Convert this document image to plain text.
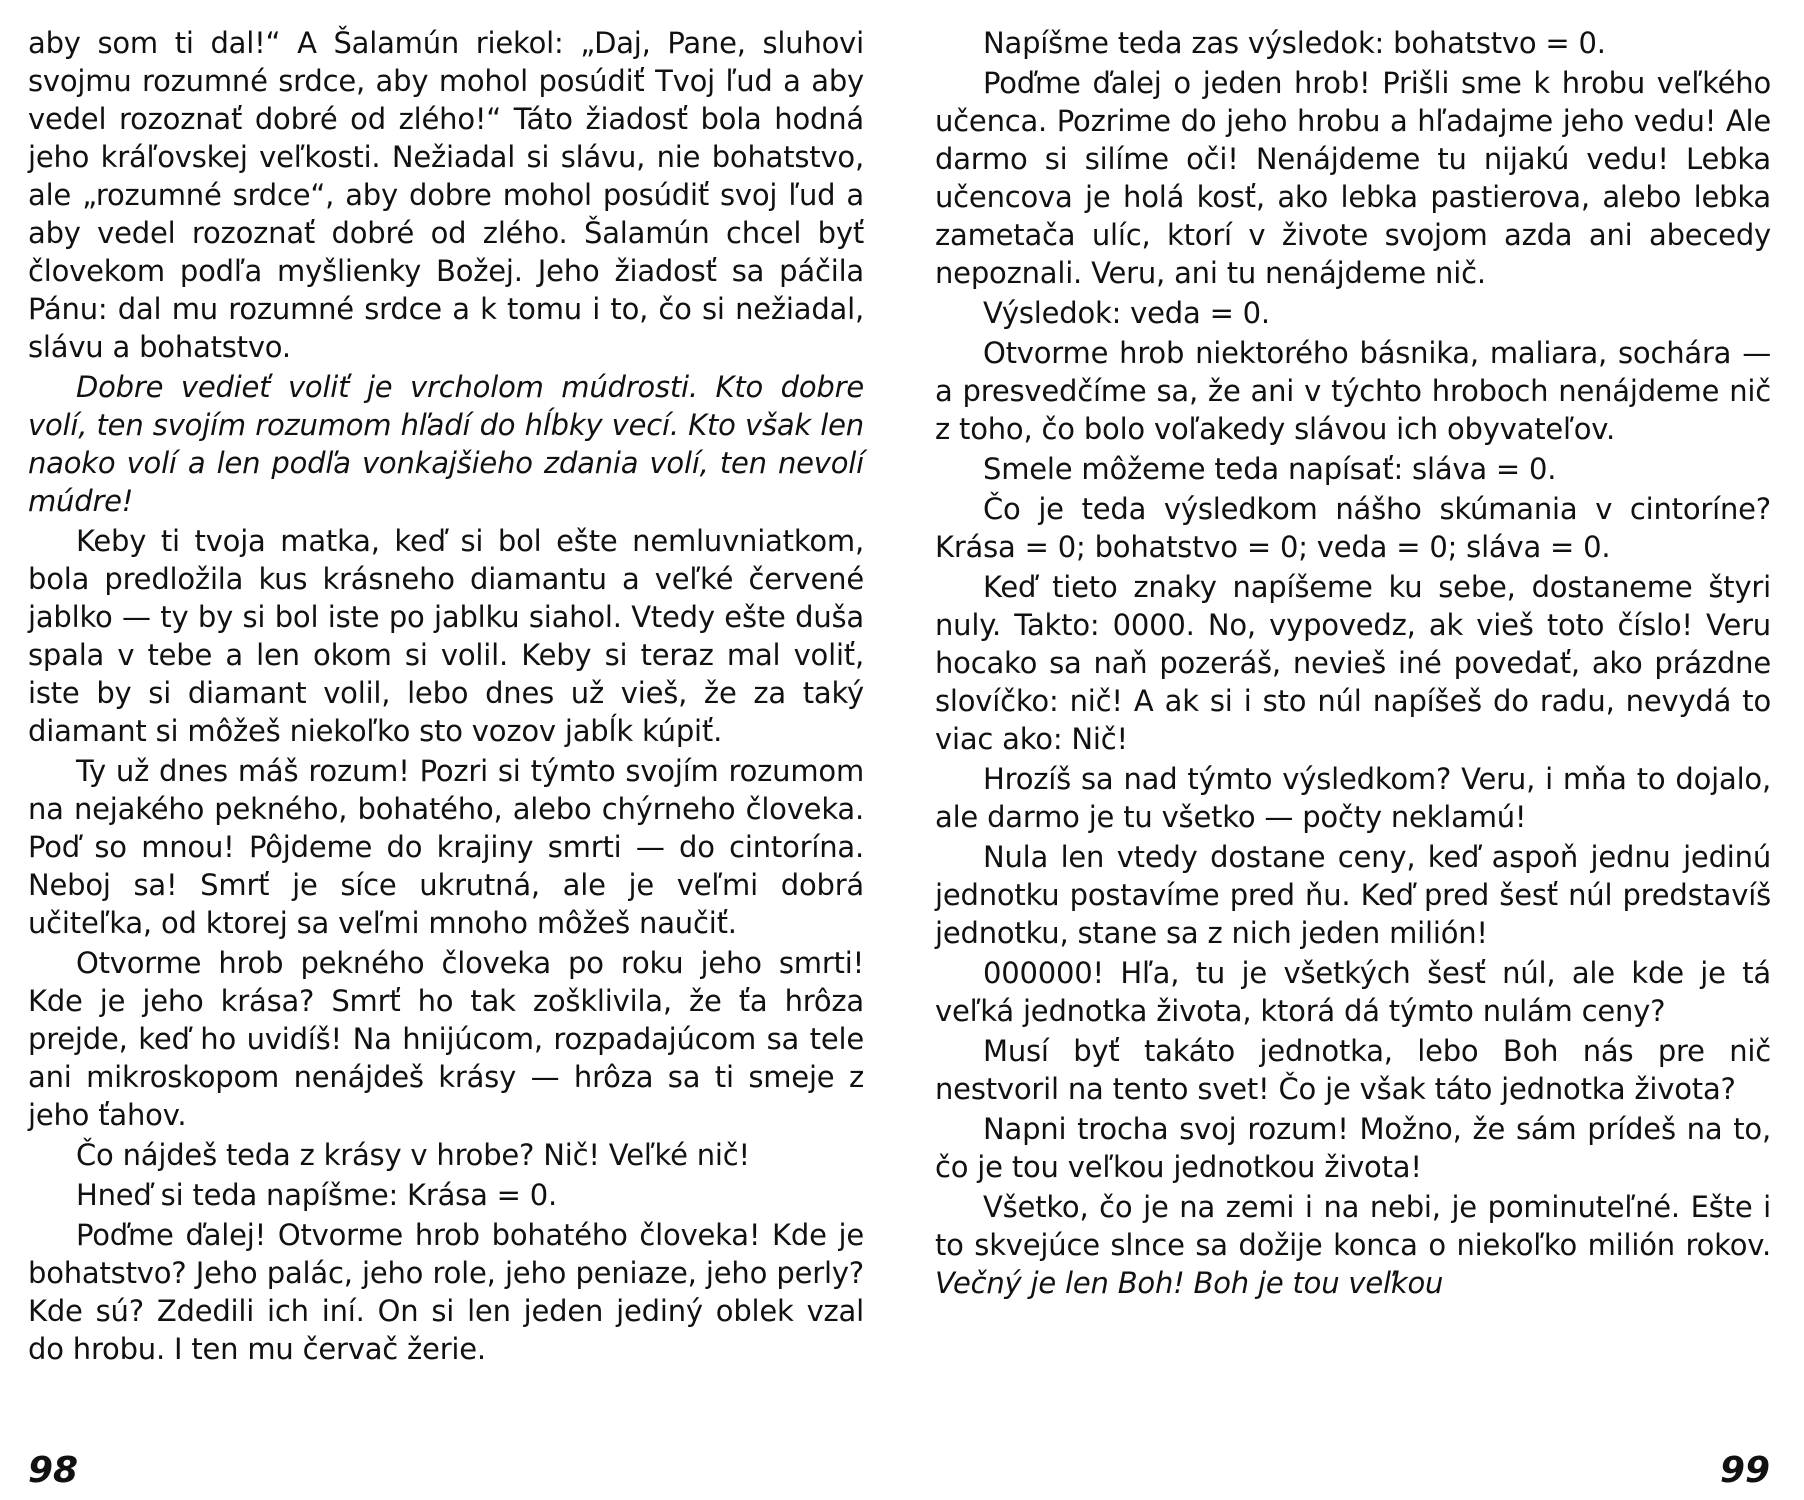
aby som ti dal!“ A Šalamún riekol: „Daj, Pane, sluhovi svojmu rozumné srdce, aby mohol posúdiť Tvoj ľud a aby vedel rozoznať dobré od zlého!“ Táto žiadosť bola hodná jeho kráľovskej veľkosti. Nežiadal si slávu, nie bohatstvo, ale „rozumné srdce“, aby dobre mohol posúdiť svoj ľud a aby vedel rozoznať dobré od zlého. Šalamún chcel byť človekom podľa myšlienky Božej. Jeho žiadosť sa páčila Pánu: dal mu rozumné srdce a k tomu i to, čo si nežiadal, slávu a bohatstvo.

Dobre vedieť voliť je vrcholom múdrosti. Kto dobre volí, ten svojím rozumom hľadí do hĺbky vecí. Kto však len naoko volí a len podľa vonkajšieho zdania volí, ten nevolí múdre!

Keby ti tvoja matka, keď si bol ešte nemluvniatkom, bola predložila kus krásneho diamantu a veľké červené jablko — ty by si bol iste po jablku siahol. Vtedy ešte duša spala v tebe a len okom si volil. Keby si teraz mal voliť, iste by si diamant volil, lebo dnes už vieš, že za taký diamant si môžeš niekoľko sto vozov jabĺk kúpiť.

Ty už dnes máš rozum! Pozri si týmto svojím rozumom na nejakého pekného, bohatého, alebo chýrneho človeka. Poď so mnou! Pôjdeme do krajiny smrti — do cintorína. Neboj sa! Smrť je síce ukrutná, ale je veľmi dobrá učiteľka, od ktorej sa veľmi mnoho môžeš naučiť.

Otvorme hrob pekného človeka po roku jeho smrti! Kde je jeho krása? Smrť ho tak zošklivila, že ťa hrôza prejde, keď ho uvidíš! Na hnijúcom, rozpadajúcom sa tele ani mikroskopom nenájdeš krásy — hrôza sa ti smeje z jeho ťahov.

Čo nájdeš teda z krásy v hrobe? Nič! Veľké nič!

Hneď si teda napíšme: Krása = 0.

Poďme ďalej! Otvorme hrob bohatého človeka! Kde je bohatstvo? Jeho palác, jeho role, jeho peniaze, jeho perly? Kde sú? Zdedili ich iní. On si len jeden jediný oblek vzal do hrobu. I ten mu červač žerie.

98

Napíšme teda zas výsledok: bohatstvo = 0.

Poďme ďalej o jeden hrob! Prišli sme k hrobu veľkého učenca. Pozrime do jeho hrobu a hľadajme jeho vedu! Ale darmo si silíme oči! Nenájdeme tu nijakú vedu! Lebka učencova je holá kosť, ako lebka pastierova, alebo lebka zametača ulíc, ktorí v živote svojom azda ani abecedy nepoznali. Veru, ani tu nenájdeme nič.

Výsledok: veda = 0.

Otvorme hrob niektorého básnika, maliara, sochára — a presvedčíme sa, že ani v týchto hroboch nenájdeme nič z toho, čo bolo voľakedy slávou ich obyvateľov.

Smele môžeme teda napísať: sláva = 0.

Čo je teda výsledkom nášho skúmania v cintoríne? Krása = 0; bohatstvo = 0; veda = 0; sláva = 0.

Keď tieto znaky napíšeme ku sebe, dostaneme štyri nuly. Takto: 0000. No, vypovedz, ak vieš toto číslo! Veru hocako sa naň pozeráš, nevieš iné povedať, ako prázdne slovíčko: nič! A ak si i sto núl napíšeš do radu, nevydá to viac ako: Nič!

Hrozíš sa nad týmto výsledkom? Veru, i mňa to dojalo, ale darmo je tu všetko — počty neklamú!

Nula len vtedy dostane ceny, keď aspoň jednu jedinú jednotku postavíme pred ňu. Keď pred šesť núl predstavíš jednotku, stane sa z nich jeden milión!

000000! Hľa, tu je všetkých šesť núl, ale kde je tá veľká jednotka života, ktorá dá týmto nulám ceny?

Musí byť takáto jednotka, lebo Boh nás pre nič nestvoril na tento svet! Čo je však táto jednotka života?

Napni trocha svoj rozum! Možno, že sám prídeš na to, čo je tou veľkou jednotkou života!

Všetko, čo je na zemi i na nebi, je pominuteľné. Ešte i to skvejúce slnce sa dožije konca o niekoľko milión rokov. Večný je len Boh! Boh je tou veľkou

99
